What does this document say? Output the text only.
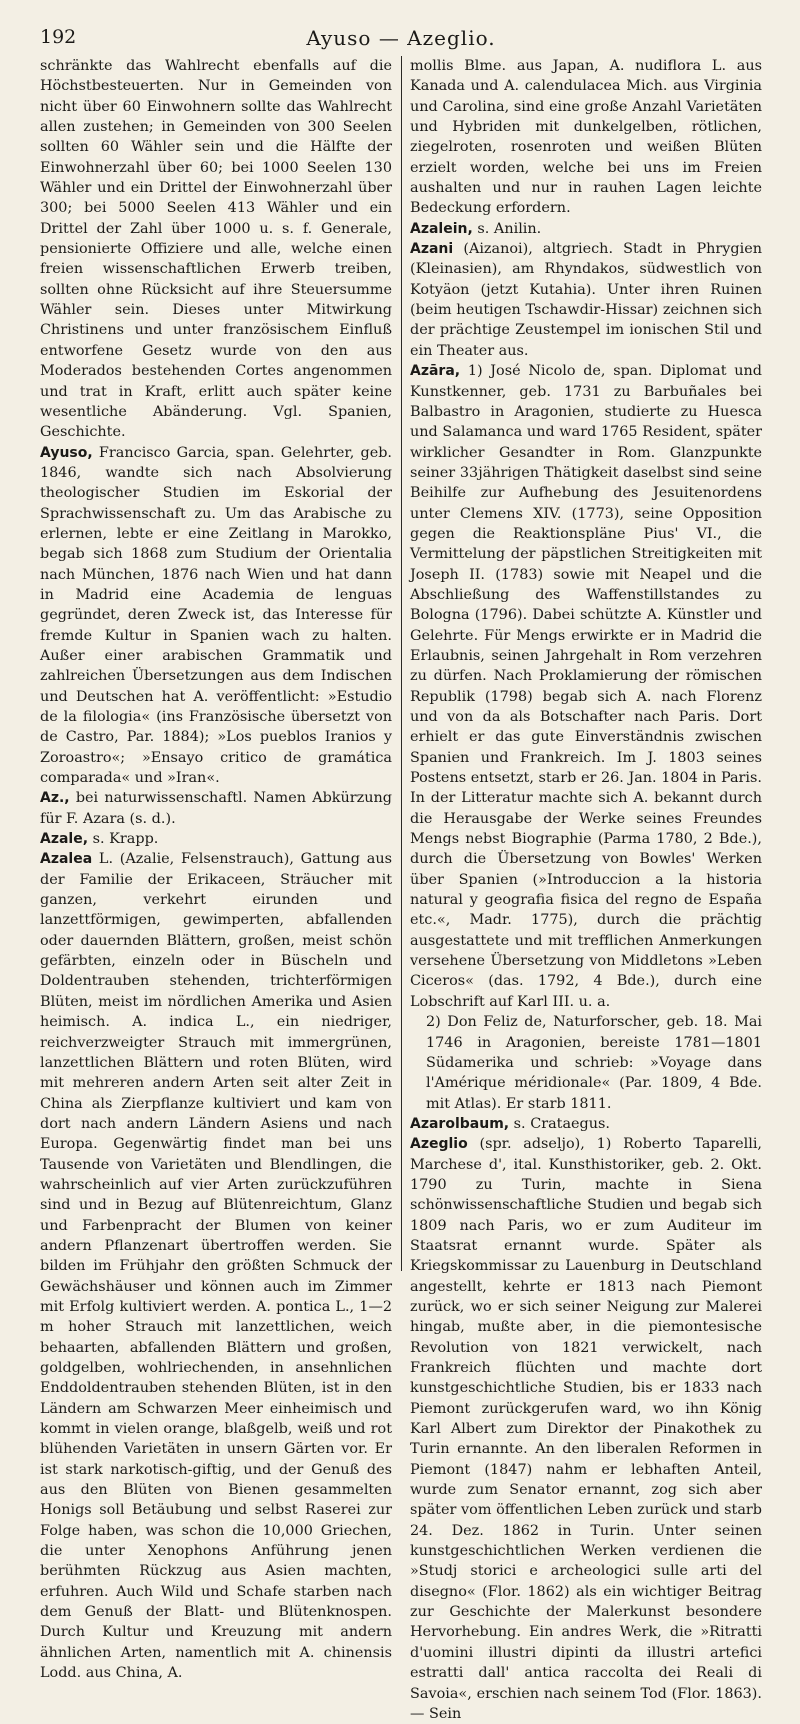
192	Ayuso — Azeglio.

schränkte das Wahlrecht ebenfalls auf die Höchstbesteuerten. Nur in Gemeinden von nicht über 60 Einwohnern sollte das Wahlrecht allen zustehen; in Gemeinden von 300 Seelen sollten 60 Wähler sein und die Hälfte der Einwohnerzahl über 60; bei 1000 Seelen 130 Wähler und ein Drittel der Einwohnerzahl über 300; bei 5000 Seelen 413 Wähler und ein Drittel der Zahl über 1000 u. s. f. Generale, pensionierte Offiziere und alle, welche einen freien wissenschaftlichen Erwerb treiben, sollten ohne Rücksicht auf ihre Steuersumme Wähler sein. Dieses unter Mitwirkung Christinens und unter französischem Einfluß entworfene Gesetz wurde von den aus Moderados bestehenden Cortes angenommen und trat in Kraft, erlitt auch später keine wesentliche Abänderung. Vgl. Spanien, Geschichte.

Ayuso, Francisco Garcia, span. Gelehrter, geb. 1846, wandte sich nach Absolvierung theologischer Studien im Eskorial der Sprachwissenschaft zu. Um das Arabische zu erlernen, lebte er eine Zeitlang in Marokko, begab sich 1868 zum Studium der Orientalia nach München, 1876 nach Wien und hat dann in Madrid eine Academia de lenguas gegründet, deren Zweck ist, das Interesse für fremde Kultur in Spanien wach zu halten. Außer einer arabischen Grammatik und zahlreichen Übersetzungen aus dem Indischen und Deutschen hat A. veröffentlicht: »Estudio de la filologia« (ins Französische übersetzt von de Castro, Par. 1884); »Los pueblos Iranios y Zoroastro«; »Ensayo critico de gramática comparada« und »Iran«.

Az., bei naturwissenschaftl. Namen Abkürzung für F. Azara (s. d.).

Azale, s. Krapp.

Azalea L. (Azalie, Felsenstrauch), Gattung aus der Familie der Erikaceen, Sträucher mit ganzen, verkehrt eirunden und lanzettförmigen, gewimperten, abfallenden oder dauernden Blättern, großen, meist schön gefärbten, einzeln oder in Büscheln und Doldentrauben stehenden, trichterförmigen Blüten, meist im nördlichen Amerika und Asien heimisch. A. indica L., ein niedriger, reichverzweigter Strauch mit immergrünen, lanzettlichen Blättern und roten Blüten, wird mit mehreren andern Arten seit alter Zeit in China als Zierpflanze kultiviert und kam von dort nach andern Ländern Asiens und nach Europa. Gegenwärtig findet man bei uns Tausende von Varietäten und Blendlingen, die wahrscheinlich auf vier Arten zurückzuführen sind und in Bezug auf Blütenreichtum, Glanz und Farbenpracht der Blumen von keiner andern Pflanzenart übertroffen werden. Sie bilden im Frühjahr den größten Schmuck der Gewächshäuser und können auch im Zimmer mit Erfolg kultiviert werden. A. pontica L., 1—2 m hoher Strauch mit lanzettlichen, weich behaarten, abfallenden Blättern und großen, goldgelben, wohlriechenden, in ansehnlichen Enddoldentrauben stehenden Blüten, ist in den Ländern am Schwarzen Meer einheimisch und kommt in vielen orange, blaßgelb, weiß und rot blühenden Varietäten in unsern Gärten vor. Er ist stark narkotisch-giftig, und der Genuß des aus den Blüten von Bienen gesammelten Honigs soll Betäubung und selbst Raserei zur Folge haben, was schon die 10,000 Griechen, die unter Xenophons Anführung jenen berühmten Rückzug aus Asien machten, erfuhren. Auch Wild und Schafe starben nach dem Genuß der Blatt- und Blütenknospen. Durch Kultur und Kreuzung mit andern ähnlichen Arten, namentlich mit A. chinensis Lodd. aus China, A.

mollis Blme. aus Japan, A. nudiflora L. aus Kanada und A. calendulacea Mich. aus Virginia und Carolina, sind eine große Anzahl Varietäten und Hybriden mit dunkelgelben, rötlichen, ziegelroten, rosenroten und weißen Blüten erzielt worden, welche bei uns im Freien aushalten und nur in rauhen Lagen leichte Bedeckung erfordern.

Azalein, s. Anilin.

Azani (Aizanoi), altgriech. Stadt in Phrygien (Kleinasien), am Rhyndakos, südwestlich von Kotyäon (jetzt Kutahia). Unter ihren Ruinen (beim heutigen Tschawdir-Hissar) zeichnen sich der prächtige Zeustempel im ionischen Stil und ein Theater aus.

Azāra, 1) José Nicolo de, span. Diplomat und Kunstkenner, geb. 1731 zu Barbuñales bei Balbastro in Aragonien, studierte zu Huesca und Salamanca und ward 1765 Resident, später wirklicher Gesandter in Rom. Glanzpunkte seiner 33jährigen Thätigkeit daselbst sind seine Beihilfe zur Aufhebung des Jesuitenordens unter Clemens XIV. (1773), seine Opposition gegen die Reaktionspläne Pius' VI., die Vermittelung der päpstlichen Streitigkeiten mit Joseph II. (1783) sowie mit Neapel und die Abschließung des Waffenstillstandes zu Bologna (1796). Dabei schützte A. Künstler und Gelehrte. Für Mengs erwirkte er in Madrid die Erlaubnis, seinen Jahrgehalt in Rom verzehren zu dürfen. Nach Proklamierung der römischen Republik (1798) begab sich A. nach Florenz und von da als Botschafter nach Paris. Dort erhielt er das gute Einverständnis zwischen Spanien und Frankreich. Im J. 1803 seines Postens entsetzt, starb er 26. Jan. 1804 in Paris. In der Litteratur machte sich A. bekannt durch die Herausgabe der Werke seines Freundes Mengs nebst Biographie (Parma 1780, 2 Bde.), durch die Übersetzung von Bowles' Werken über Spanien (»Introduccion a la historia natural y geografia fisica del regno de España etc.«, Madr. 1775), durch die prächtig ausgestattete und mit trefflichen Anmerkungen versehene Übersetzung von Middletons »Leben Ciceros« (das. 1792, 4 Bde.), durch eine Lobschrift auf Karl III. u. a.

2) Don Feliz de, Naturforscher, geb. 18. Mai 1746 in Aragonien, bereiste 1781—1801 Südamerika und schrieb: »Voyage dans l'Amérique méridionale« (Par. 1809, 4 Bde. mit Atlas). Er starb 1811.

Azarolbaum, s. Crataegus.

Azeglio (spr. adseljo), 1) Roberto Taparelli, Marchese d', ital. Kunsthistoriker, geb. 2. Okt. 1790 zu Turin, machte in Siena schönwissenschaftliche Studien und begab sich 1809 nach Paris, wo er zum Auditeur im Staatsrat ernannt wurde. Später als Kriegskommissar zu Lauenburg in Deutschland angestellt, kehrte er 1813 nach Piemont zurück, wo er sich seiner Neigung zur Malerei hingab, mußte aber, in die piemontesische Revolution von 1821 verwickelt, nach Frankreich flüchten und machte dort kunstgeschichtliche Studien, bis er 1833 nach Piemont zurückgerufen ward, wo ihn König Karl Albert zum Direktor der Pinakothek zu Turin ernannte. An den liberalen Reformen in Piemont (1847) nahm er lebhaften Anteil, wurde zum Senator ernannt, zog sich aber später vom öffentlichen Leben zurück und starb 24. Dez. 1862 in Turin. Unter seinen kunstgeschichtlichen Werken verdienen die »Studj storici e archeologici sulle arti del disegno« (Flor. 1862) als ein wichtiger Beitrag zur Geschichte der Malerkunst besondere Hervorhebung. Ein andres Werk, die »Ritratti d'uomini illustri dipinti da illustri artefici estratti dall' antica raccolta dei Reali di Savoia«, erschien nach seinem Tod (Flor. 1863). — Sein
